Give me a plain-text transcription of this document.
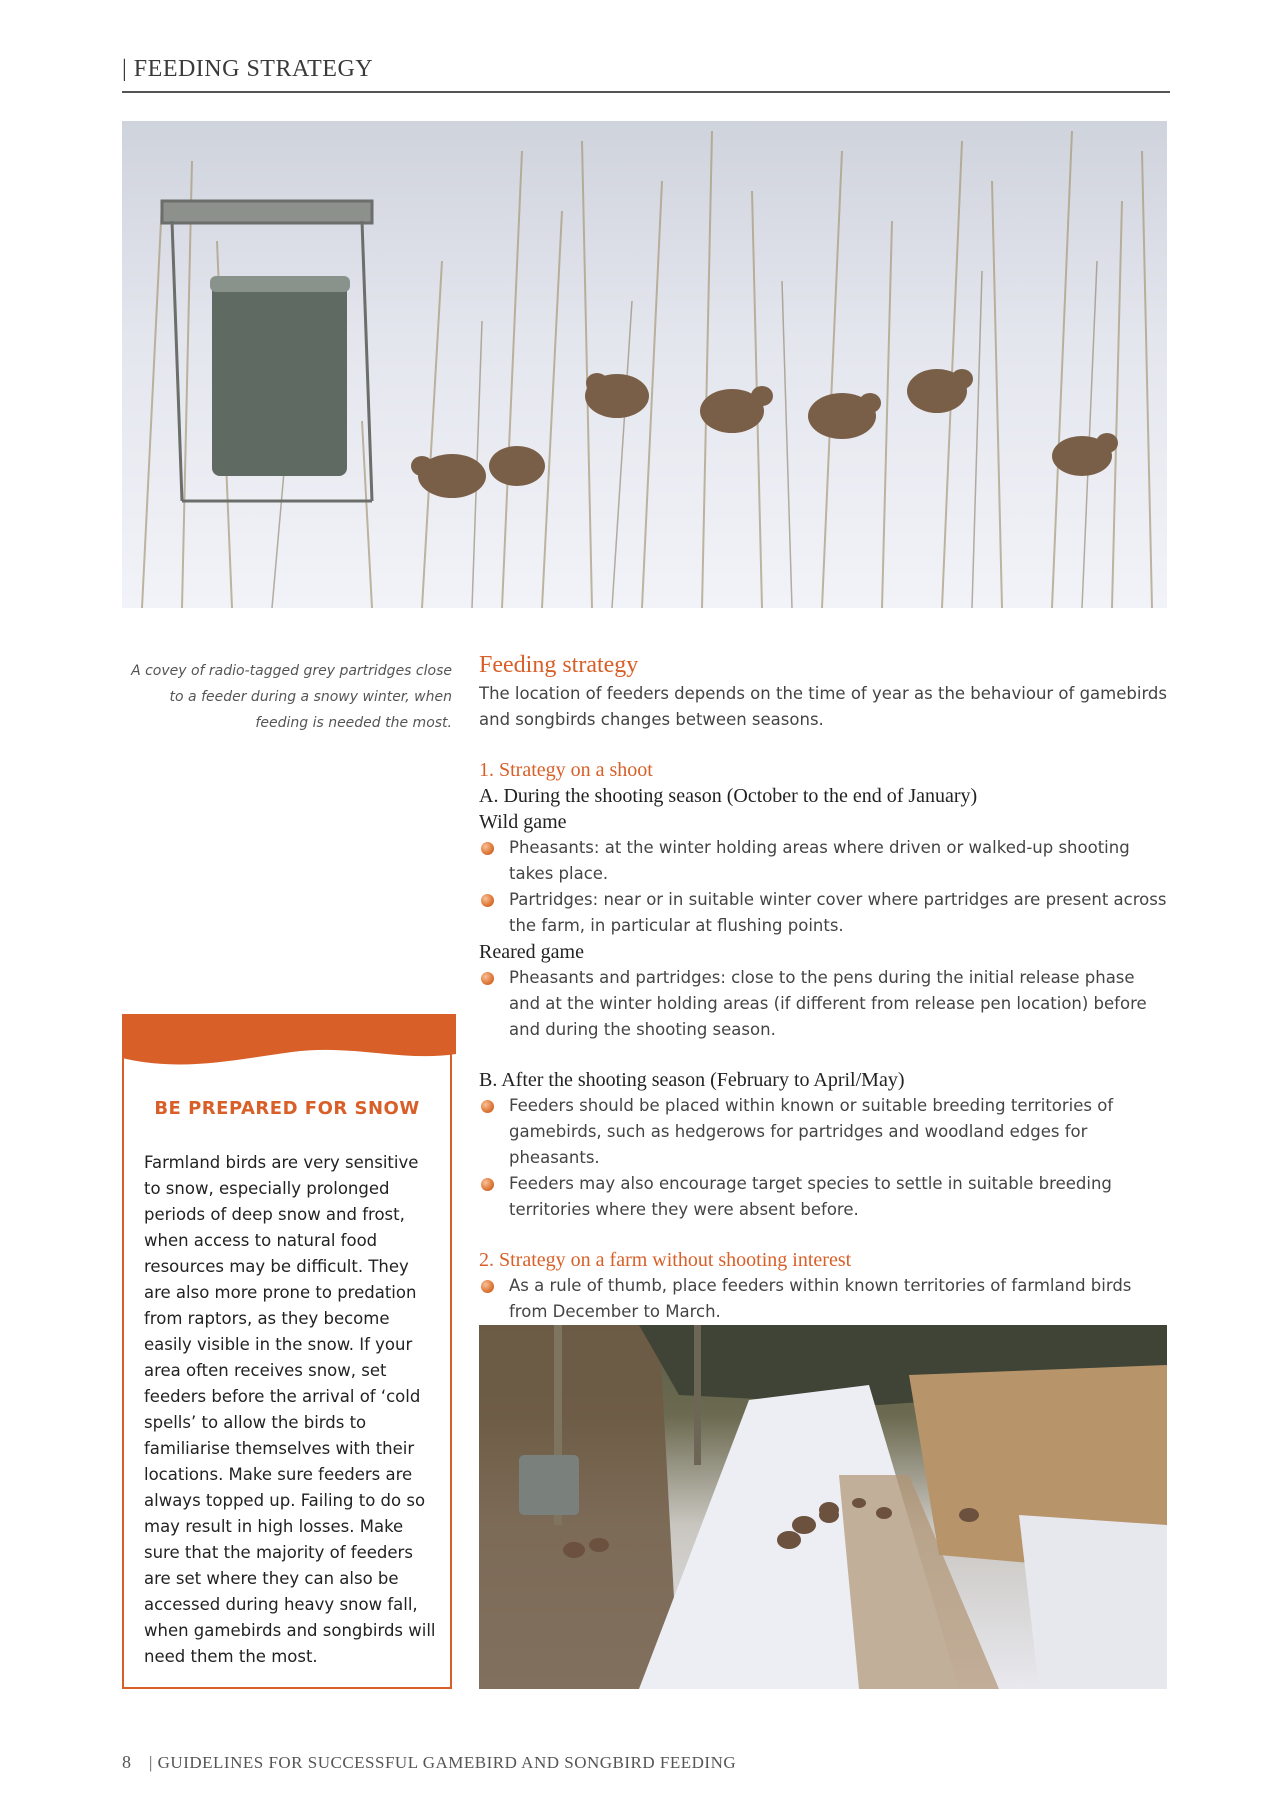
| FEEDING STRATEGY
A covey of radio-tagged grey partridges close to a feeder during a snowy winter, when feeding is needed the most.
Feeding strategy

The location of feeders depends on the time of year as the behaviour of gamebirds and songbirds changes between seasons.

1. Strategy on a shoot
A. During the shooting season (October to the end of January)
Wild game
Pheasants: at the winter holding areas where driven or walked-up shooting takes place.
Partridges: near or in suitable winter cover where partridges are present across the farm, in particular at flushing points.
Reared game
Pheasants and partridges: close to the pens during the initial release phase and at the winter holding areas (if different from release pen location) before and during the shooting season.
B. After the shooting season (February to April/May)
Feeders should be placed within known or suitable breeding territories of gamebirds, such as hedgerows for partridges and woodland edges for pheasants.
Feeders may also encourage target species to settle in suitable breeding territories where they were absent before.
2. Strategy on a farm without shooting interest
As a rule of thumb, place feeders within known territories of farmland birds from December to March.
BE PREPARED FOR SNOW
Farmland birds are very sensitive to snow, especially prolonged periods of deep snow and frost, when access to natural food resources may be difficult. They are also more prone to predation from raptors, as they become easily visible in the snow. If your area often receives snow, set feeders before the arrival of ‘cold spells’ to allow the birds to familiarise themselves with their locations. Make sure feeders are always topped up. Failing to do so may result in high losses. Make sure that the majority of feeders are set where they can also be accessed during heavy snow fall, when gamebirds and songbirds will need them the most.
8 | GUIDELINES FOR SUCCESSFUL GAMEBIRD AND SONGBIRD FEEDING
